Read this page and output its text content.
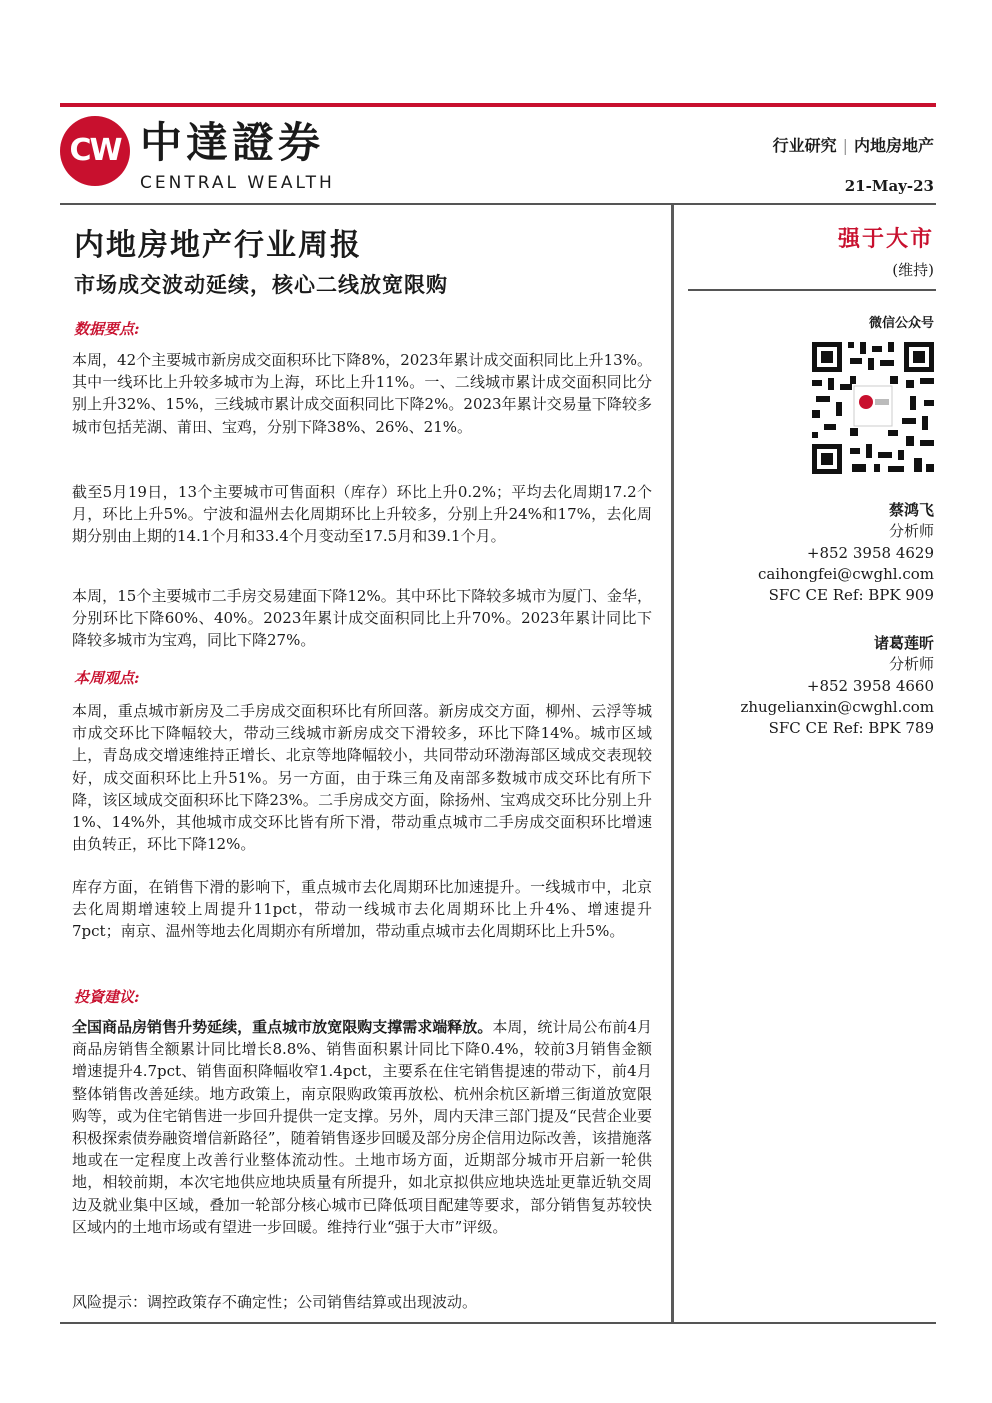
CW 中達證券
CENTRAL WEALTH
行业研究 | 内地房地产
21-May-23
内地房地产行业周报
市场成交波动延续，核心二线放宽限购
数据要点:
本周，42个主要城市新房成交面积环比下降8%，2023年累计成交面积同比上升13%。其中一线环比上升较多城市为上海，环比上升11%。一、二线城市累计成交面积同比分别上升32%、15%，三线城市累计成交面积同比下降2%。2023年累计交易量下降较多城市包括芜湖、莆田、宝鸡，分别下降38%、26%、21%。
截至5月19日，13个主要城市可售面积（库存）环比上升0.2%；平均去化周期17.2个月，环比上升5%。宁波和温州去化周期环比上升较多，分别上升24%和17%，去化周期分别由上期的14.1个月和33.4个月变动至17.5月和39.1个月。
本周，15个主要城市二手房交易建面下降12%。其中环比下降较多城市为厦门、金华，分别环比下降60%、40%。2023年累计成交面积同比上升70%。2023年累计同比下降较多城市为宝鸡，同比下降27%。
本周观点:
本周，重点城市新房及二手房成交面积环比有所回落。新房成交方面，柳州、云浮等城市成交环比下降幅较大，带动三线城市新房成交下滑较多，环比下降14%。城市区域上，青岛成交增速维持正增长、北京等地降幅较小，共同带动环渤海部区域成交表现较好，成交面积环比上升51%。另一方面，由于珠三角及南部多数城市成交环比有所下降，该区域成交面积环比下降23%。二手房成交方面，除扬州、宝鸡成交环比分别上升1%、14%外，其他城市成交环比皆有所下滑，带动重点城市二手房成交面积环比增速由负转正，环比下降12%。
库存方面，在销售下滑的影响下，重点城市去化周期环比加速提升。一线城市中，北京去化周期增速较上周提升11pct，带动一线城市去化周期环比上升4%、增速提升7pct；南京、温州等地去化周期亦有所增加，带动重点城市去化周期环比上升5%。
投資建议:
全国商品房销售升势延续，重点城市放宽限购支撑需求端释放。本周，统计局公布前4月商品房销售全额累计同比增长8.8%、销售面积累计同比下降0.4%，较前3月销售金额增速提升4.7pct、销售面积降幅收窄1.4pct，主要系在住宅销售提速的带动下，前4月整体销售改善延续。地方政策上，南京限购政策再放松、杭州余杭区新增三街道放宽限购等，或为住宅销售进一步回升提供一定支撑。另外，周内天津三部门提及“民营企业要积极探索债券融资增信新路径”，随着销售逐步回暖及部分房企信用边际改善，该措施落地或在一定程度上改善行业整体流动性。土地市场方面，近期部分城市开启新一轮供地，相较前期，本次宅地供应地块质量有所提升，如北京拟供应地块选址更靠近轨交周边及就业集中区域，叠加一轮部分核心城市已降低项目配建等要求，部分销售复苏较快区域内的土地市场或有望进一步回暖。维持行业“强于大市”评级。
风险提示：调控政策存不确定性；公司销售结算或出现波动。
强于大市
(维持)
微信公众号
蔡鸿飞
分析师
+852 3958 4629
caihongfei@cwghl.com
SFC CE Ref: BPK 909
诸葛莲昕
分析师
+852 3958 4660
zhugelianxin@cwghl.com
SFC CE Ref: BPK 789
